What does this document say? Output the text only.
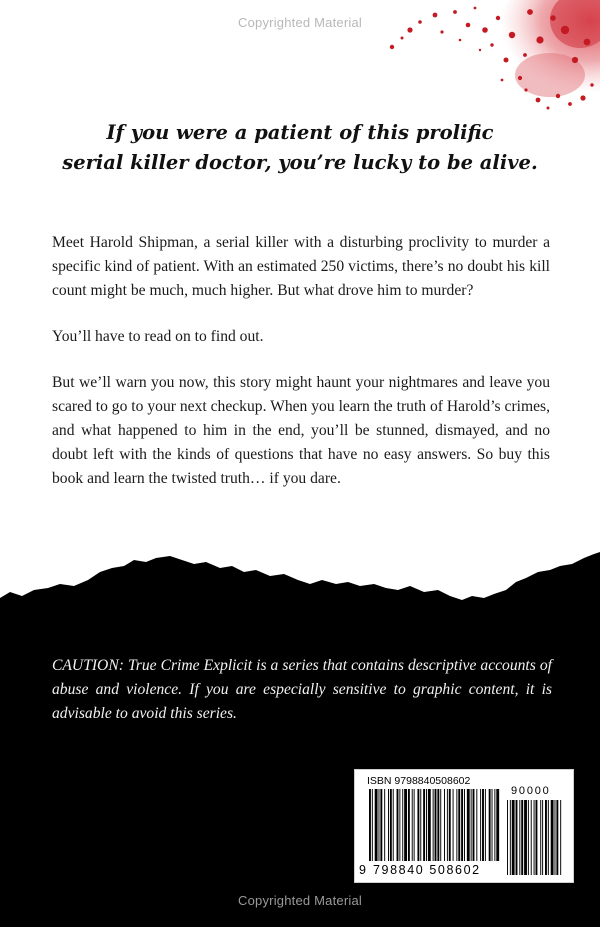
Copyrighted Material
If you were a patient of this prolific
serial killer doctor, you’re lucky to be alive.

Meet Harold Shipman, a serial killer with a disturbing proclivity to murder a specific kind of patient. With an estimated 250 victims, there’s no doubt his kill count might be much, much higher. But what drove him to murder?

You’ll have to read on to find out.

But we’ll warn you now, this story might haunt your nightmares and leave you scared to go to your next checkup. When you learn the truth of Harold’s crimes, and what happened to him in the end, you’ll be stunned, dismayed, and no doubt left with the kinds of questions that have no easy answers. So buy this book and learn the twisted truth… if you dare.

CAUTION: True Crime Explicit is a series that contains descriptive accounts of abuse and violence. If you are especially sensitive to graphic content, it is advisable to avoid this series.
ISBN 9798840508602
9 798840 508602
90000
Copyrighted Material
